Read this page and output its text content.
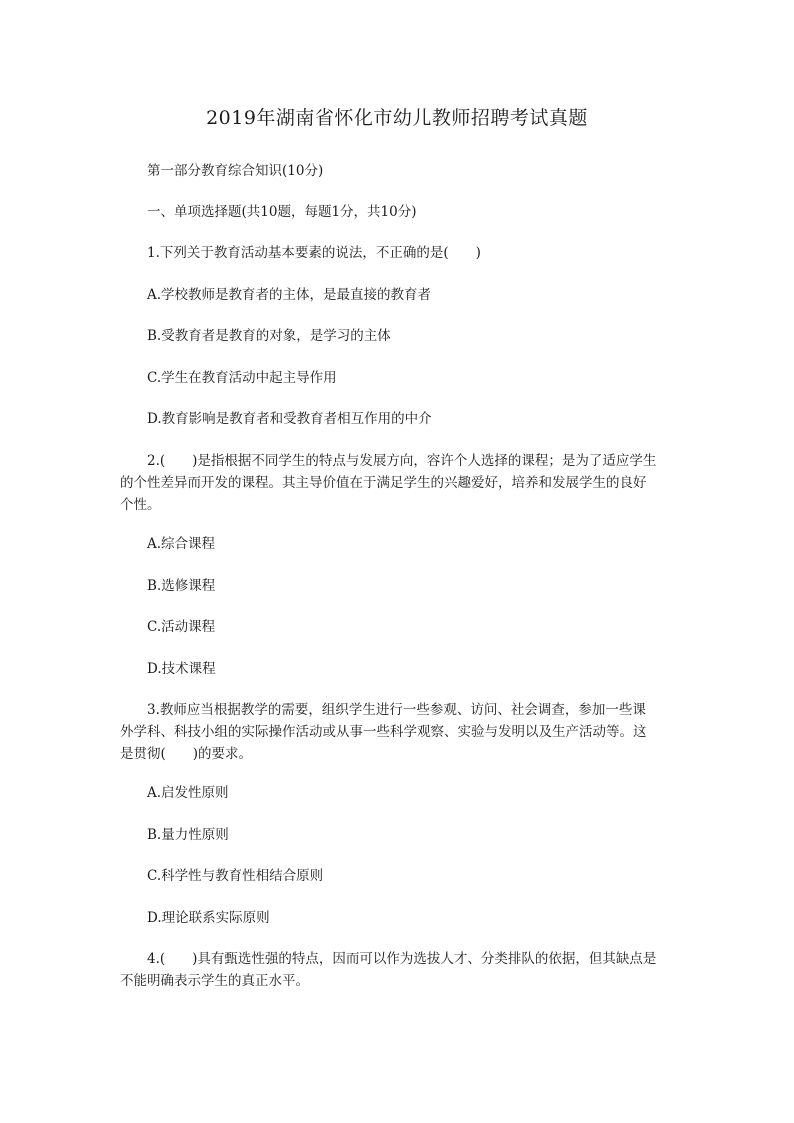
2019年湖南省怀化市幼儿教师招聘考试真题
第一部分教育综合知识(10分)
一、单项选择题(共10题，每题1分，共10分)
1.下列关于教育活动基本要素的说法，不正确的是(　　)
A.学校教师是教育者的主体，是最直接的教育者
B.受教育者是教育的对象，是学习的主体
C.学生在教育活动中起主导作用
D.教育影响是教育者和受教育者相互作用的中介
2.(　　)是指根据不同学生的特点与发展方向，容许个人选择的课程；是为了适应学生
的个性差异而开发的课程。其主导价值在于满足学生的兴趣爱好，培养和发展学生的良好
个性。
A.综合课程
B.选修课程
C.活动课程
D.技术课程
3.教师应当根据教学的需要，组织学生进行一些参观、访问、社会调查，参加一些课
外学科、科技小组的实际操作活动或从事一些科学观察、实验与发明以及生产活动等。这
是贯彻(　　)的要求。
A.启发性原则
B.量力性原则
C.科学性与教育性相结合原则
D.理论联系实际原则
4.(　　)具有甄选性强的特点，因而可以作为选拔人才、分类排队的依据，但其缺点是
不能明确表示学生的真正水平。
